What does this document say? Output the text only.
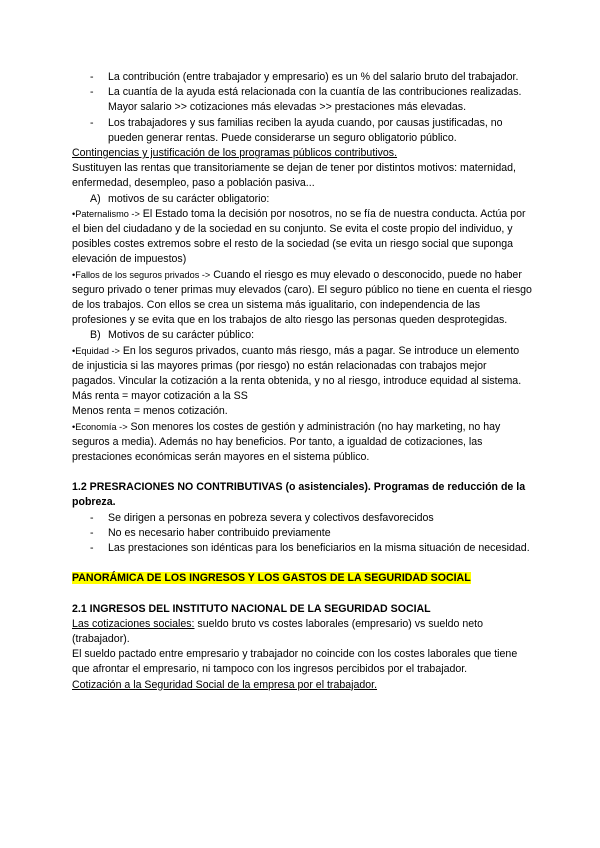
- La contribución (entre trabajador y empresario) es un % del salario bruto del trabajador.
- La cuantía de la ayuda está relacionada con la cuantía de las contribuciones realizadas. Mayor salario >> cotizaciones más elevadas >> prestaciones más elevadas.
- Los trabajadores y sus familias reciben la ayuda cuando, por causas justificadas, no pueden generar rentas. Puede considerarse un seguro obligatorio público.

Contingencias y justificación de los programas públicos contributivos.

Sustituyen las rentas que transitoriamente se dejan de tener por distintos motivos: maternidad, enfermedad, desempleo, paso a población pasiva...

A) motivos de su carácter obligatorio:

•Paternalismo -> El Estado toma la decisión por nosotros, no se fía de nuestra conducta. Actúa por el bien del ciudadano y de la sociedad en su conjunto. Se evita el coste propio del individuo, y posibles costes extremos sobre el resto de la sociedad (se evita un riesgo social que suponga elevación de impuestos)

•Fallos de los seguros privados -> Cuando el riesgo es muy elevado o desconocido, puede no haber seguro privado o tener primas muy elevados (caro). El seguro público no tiene en cuenta el riesgo de los trabajos. Con ellos se crea un sistema más igualitario, con independencia de las profesiones y se evita que en los trabajos de alto riesgo las personas queden desprotegidas.

B) Motivos de su carácter público:

•Equidad -> En los seguros privados, cuanto más riesgo, más a pagar. Se introduce un elemento de injusticia si las mayores primas (por riesgo) no están relacionadas con trabajos mejor pagados. Vincular la cotización a la renta obtenida, y no al riesgo, introduce equidad al sistema.

Más renta = mayor cotización a la SS

Menos renta = menos cotización.

•Economía -> Son menores los costes de gestión y administración (no hay marketing, no hay seguros a media). Además no hay beneficios. Por tanto, a igualdad de cotizaciones, las prestaciones económicas serán mayores en el sistema público.

1.2 PRESRACIONES NO CONTRIBUTIVAS (o asistenciales). Programas de reducción de la pobreza.

- Se dirigen a personas en pobreza severa y colectivos desfavorecidos
- No es necesario haber contribuido previamente
- Las prestaciones son idénticas para los beneficiarios en la misma situación de necesidad.

PANORÁMICA DE LOS INGRESOS Y LOS GASTOS DE LA SEGURIDAD SOCIAL

2.1 INGRESOS DEL INSTITUTO NACIONAL DE LA SEGURIDAD SOCIAL

Las cotizaciones sociales: sueldo bruto vs costes laborales (empresario) vs sueldo neto (trabajador).

El sueldo pactado entre empresario y trabajador no coincide con los costes laborales que tiene que afrontar el empresario, ni tampoco con los ingresos percibidos por el trabajador.

Cotización a la Seguridad Social de la empresa por el trabajador.
